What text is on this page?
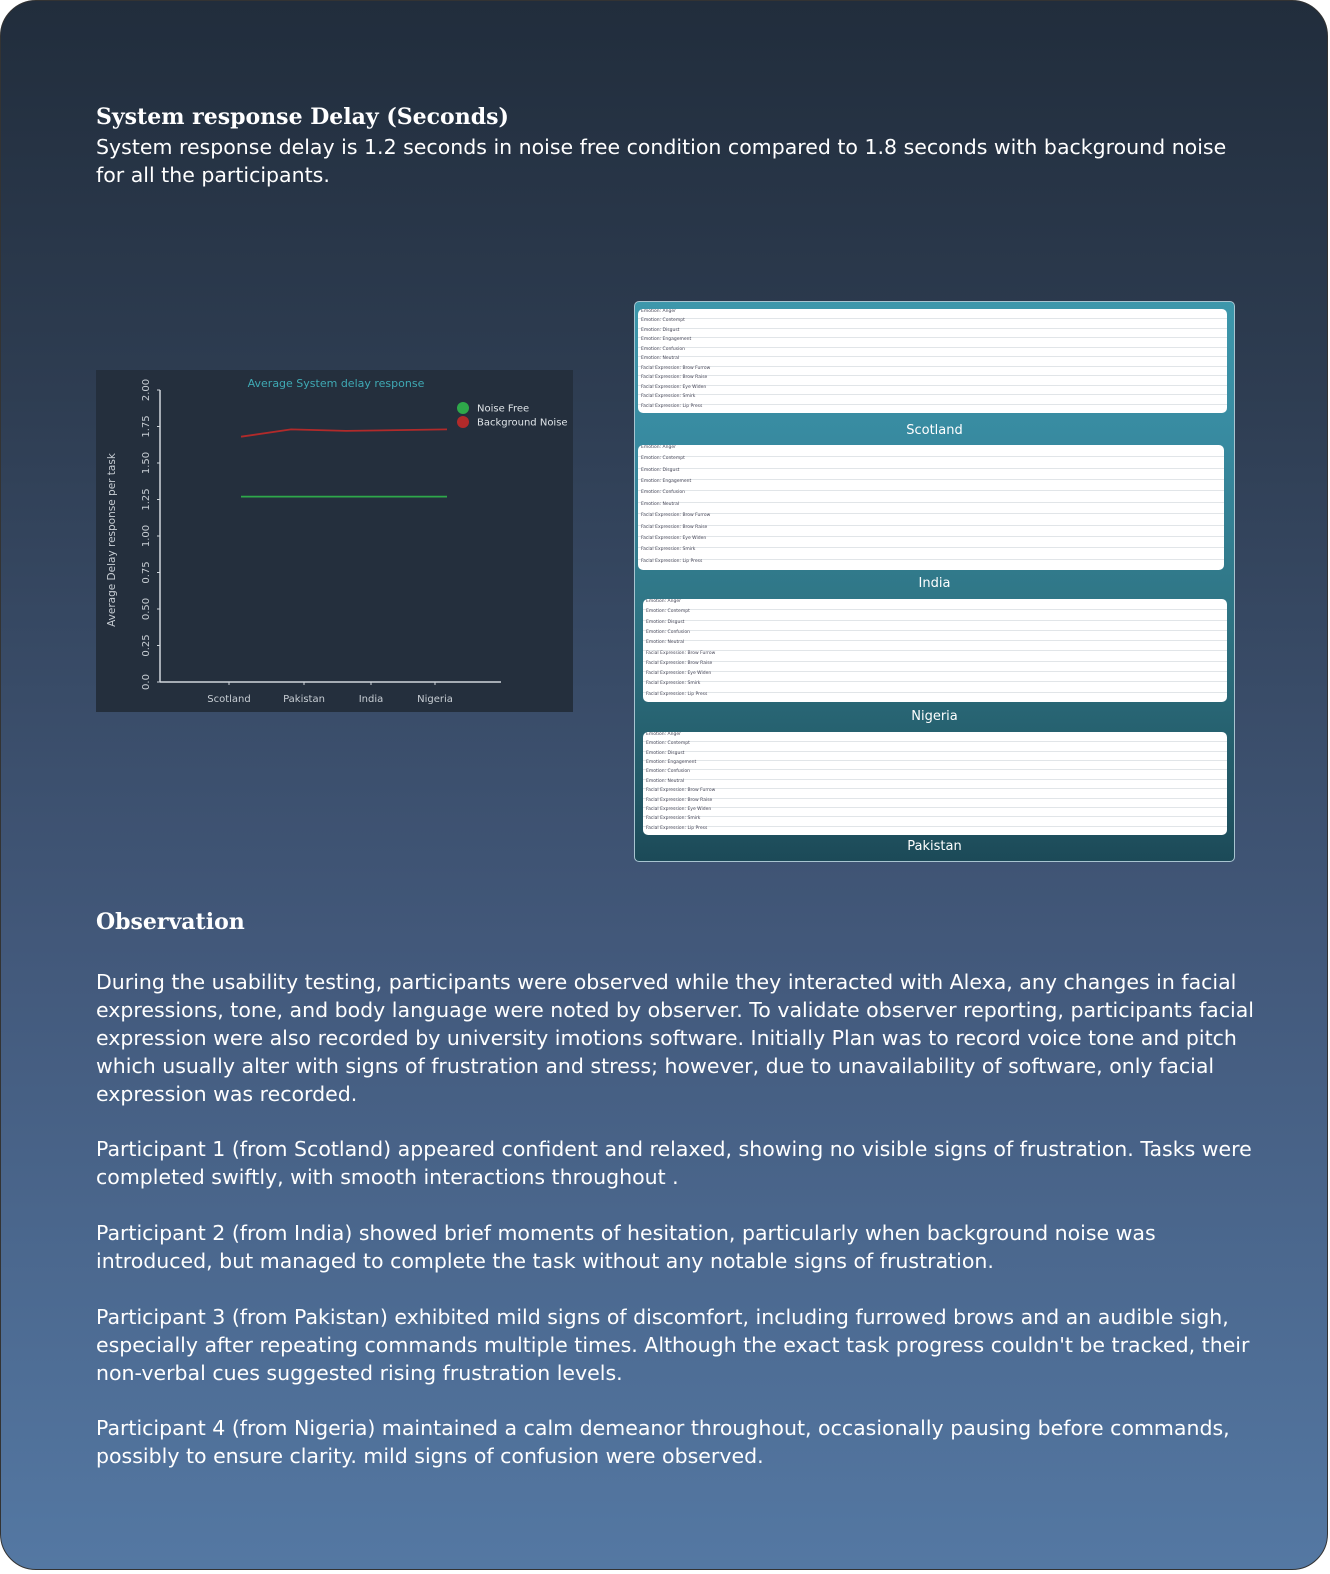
System response Delay (Seconds)

System response delay is 1.2 seconds in noise free condition compared to 1.8 seconds with background noise for all the participants.

Average System delay response
0.0
0.25
0.50
0.75
1.00
1.25
1.50
1.75
2.00
Scotland	Pakistan	India	Nigeria
Average Delay response per task
Noise Free
Background Noise
Emotion: Anger
Emotion: Contempt
Emotion: Disgust
Emotion: Engagement
Emotion: Confusion
Emotion: Neutral
Facial Expression: Brow Furrow
Facial Expression: Brow Raise
Facial Expression: Eye Widen
Facial Expression: Smirk
Facial Expression: Lip Press
Scotland
Emotion: Anger
Emotion: Contempt
Emotion: Disgust
Emotion: Engagement
Emotion: Confusion
Emotion: Neutral
Facial Expression: Brow Furrow
Facial Expression: Brow Raise
Facial Expression: Eye Widen
Facial Expression: Smirk
Facial Expression: Lip Press
India
Emotion: Anger
Emotion: Contempt
Emotion: Disgust
Emotion: Confusion
Emotion: Neutral
Facial Expression: Brow Furrow
Facial Expression: Brow Raise
Facial Expression: Eye Widen
Facial Expression: Smirk
Facial Expression: Lip Press
Nigeria
Emotion: Anger
Emotion: Contempt
Emotion: Disgust
Emotion: Engagement
Emotion: Confusion
Emotion: Neutral
Facial Expression: Brow Furrow
Facial Expression: Brow Raise
Facial Expression: Eye Widen
Facial Expression: Smirk
Facial Expression: Lip Press
Pakistan
Observation

During the usability testing, participants were observed while they interacted with Alexa, any changes in facial expressions, tone, and body language were noted by observer. To validate observer reporting, participants facial expression were also recorded by university imotions software. Initially Plan was to record voice tone and pitch which usually alter with signs of frustration and stress; however, due to unavailability of software, only facial expression was recorded.

Participant 1 (from Scotland) appeared confident and relaxed, showing no visible signs of frustration. Tasks were completed swiftly, with smooth interactions throughout .

Participant 2 (from India) showed brief moments of hesitation, particularly when background noise was introduced, but managed to complete the task without any notable signs of frustration.

Participant 3 (from Pakistan) exhibited mild signs of discomfort, including furrowed brows and an audible sigh, especially after repeating commands multiple times. Although the exact task progress couldn't be tracked, their non-verbal cues suggested rising frustration levels.

Participant 4 (from Nigeria) maintained a calm demeanor throughout, occasionally pausing before commands, possibly to ensure clarity. mild signs of confusion were observed.
